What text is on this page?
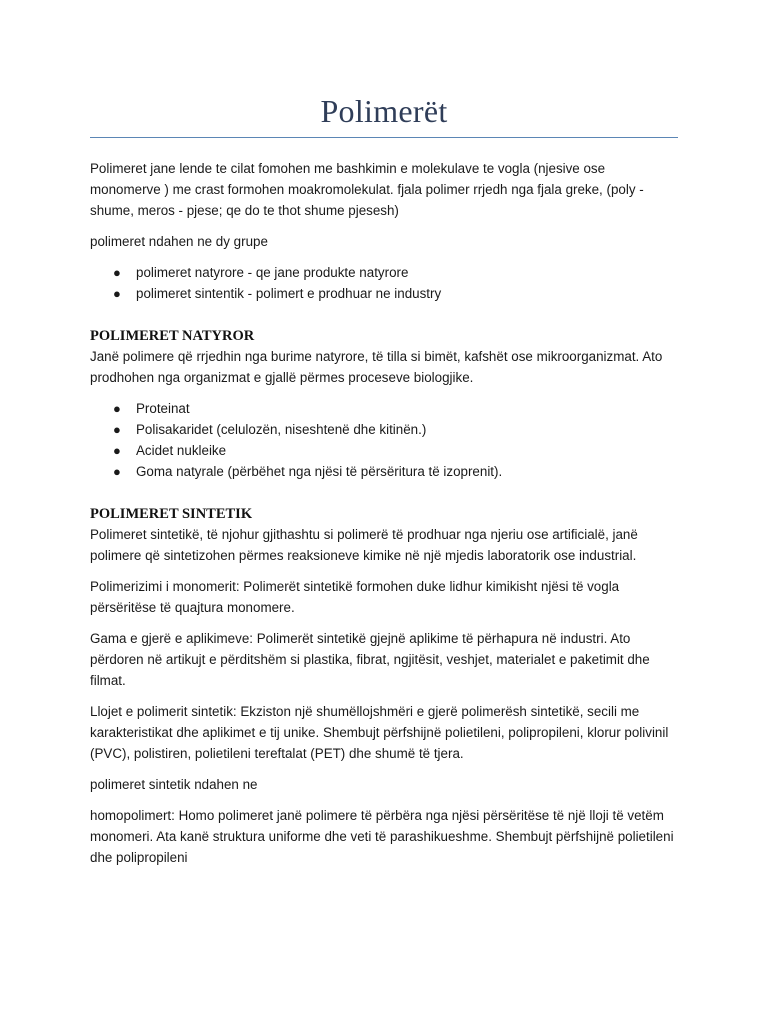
Polimerët

Polimeret jane lende te cilat fomohen me bashkimin e molekulave te vogla (njesive ose monomerve ) me crast formohen moakromolekulat. fjala polimer rrjedh nga fjala greke, (poly - shume, meros - pjese; qe do te thot shume pjesesh)

polimeret ndahen ne dy grupe

● polimeret natyrore - qe jane produkte natyrore
● polimeret sintentik - polimert e prodhuar ne industry
POLIMERET NATYROR

Janë polimere që rrjedhin nga burime natyrore, të tilla si bimët, kafshët ose mikroorganizmat. Ato prodhohen nga organizmat e gjallë përmes proceseve biologjike.

● Proteinat
● Polisakaridet (celulozën, niseshtenë dhe kitinën.)
● Acidet nukleike
● Goma natyrale (përbëhet nga njësi të përsëritura të izoprenit).
POLIMERET SINTETIK

Polimeret sintetikë, të njohur gjithashtu si polimerë të prodhuar nga njeriu ose artificialë, janë polimere që sintetizohen përmes reaksioneve kimike në një mjedis laboratorik ose industrial.

Polimerizimi i monomerit: Polimerët sintetikë formohen duke lidhur kimikisht njësi të vogla përsëritëse të quajtura monomere.

Gama e gjerë e aplikimeve: Polimerët sintetikë gjejnë aplikime të përhapura në industri. Ato përdoren në artikujt e përditshëm si plastika, fibrat, ngjitësit, veshjet, materialet e paketimit dhe filmat.

Llojet e polimerit sintetik: Ekziston një shumëllojshmëri e gjerë polimerësh sintetikë, secili me karakteristikat dhe aplikimet e tij unike. Shembujt përfshijnë polietileni, polipropileni, klorur polivinil (PVC), polistiren, polietileni tereftalat (PET) dhe shumë të tjera.

polimeret sintetik ndahen ne

homopolimert: Homo polimeret janë polimere të përbëra nga njësi përsëritëse të një lloji të vetëm monomeri. Ata kanë struktura uniforme dhe veti të parashikueshme. Shembujt përfshijnë polietileni dhe polipropileni
